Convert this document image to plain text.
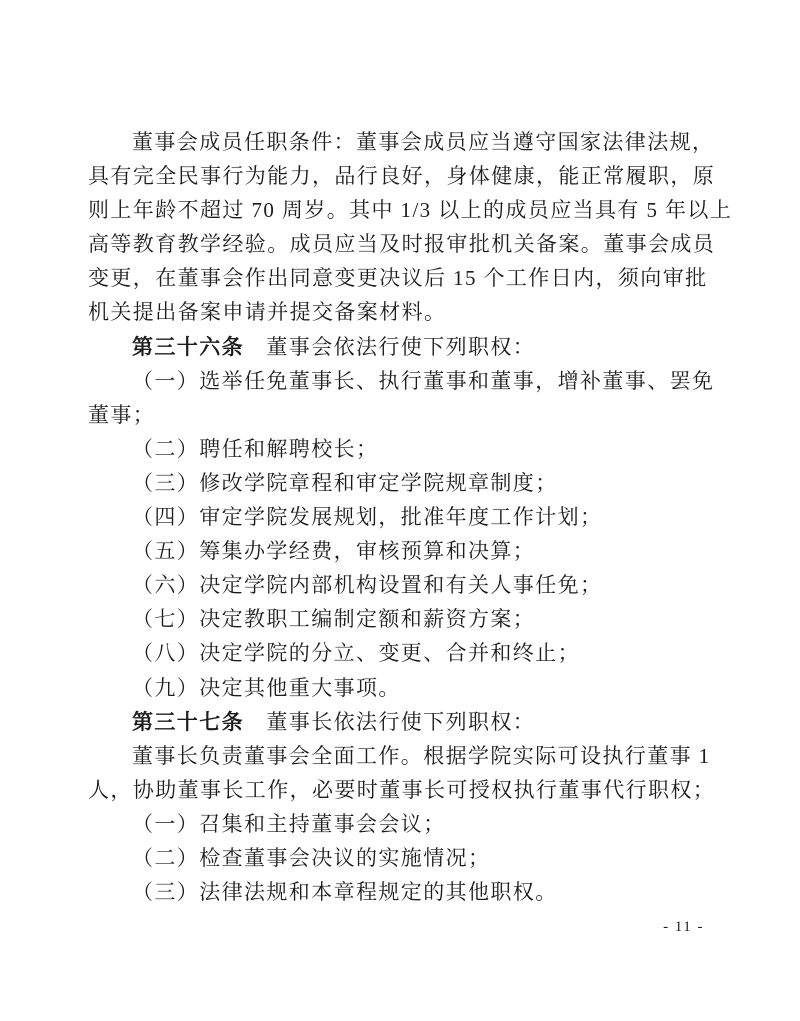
董事会成员任职条件：董事会成员应当遵守国家法律法规，
具有完全民事行为能力，品行良好，身体健康，能正常履职，原
则上年龄不超过 70 周岁。其中 1/3 以上的成员应当具有 5 年以上
高等教育教学经验。成员应当及时报审批机关备案。董事会成员
变更，在董事会作出同意变更决议后 15 个工作日内，须向审批
机关提出备案申请并提交备案材料。
第三十六条　董事会依法行使下列职权：
（一）选举任免董事长、执行董事和董事，增补董事、罢免
董事；
（二）聘任和解聘校长；
（三）修改学院章程和审定学院规章制度；
（四）审定学院发展规划，批准年度工作计划；
（五）筹集办学经费，审核预算和决算；
（六）决定学院内部机构设置和有关人事任免；
（七）决定教职工编制定额和薪资方案；
（八）决定学院的分立、变更、合并和终止；
（九）决定其他重大事项。
第三十七条　董事长依法行使下列职权：
董事长负责董事会全面工作。根据学院实际可设执行董事 1
人，协助董事长工作，必要时董事长可授权执行董事代行职权；
（一）召集和主持董事会会议；
（二）检查董事会决议的实施情况；
（三）法律法规和本章程规定的其他职权。
- 11 -
